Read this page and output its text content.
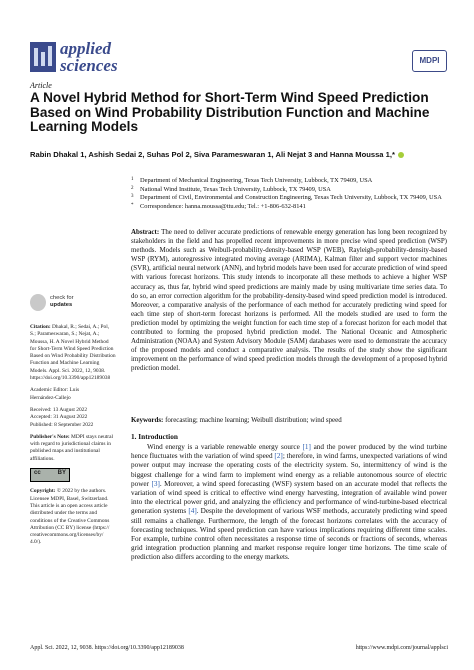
applied sciences	MDPI
Article
A Novel Hybrid Method for Short-Term Wind Speed Prediction Based on Wind Probability Distribution Function and Machine Learning Models
Rabin Dhakal 1, Ashish Sedai 2, Suhas Pol 2, Siva Parameswaran 1, Ali Nejat 3 and Hanna Moussa 1,*
1 Department of Mechanical Engineering, Texas Tech University, Lubbock, TX 79409, USA
2 National Wind Institute, Texas Tech University, Lubbock, TX 79409, USA
3 Department of Civil, Environmental and Construction Engineering, Texas Tech University, Lubbock, TX 79409, USA
* Correspondence: hanna.moussa@ttu.edu; Tel.: +1-806-632-8141
Abstract: The need to deliver accurate predictions of renewable energy generation has long been recognized by stakeholders in the field and has propelled recent improvements in more precise wind speed prediction (WSP) methods. Models such as Weibull-probability-density-based WSP (WEB), Rayleigh-probability-density-based WSP (RYM), autoregressive integrated moving average (ARIMA), Kalman filter and support vector machines (SVR), artificial neural network (ANN), and hybrid models have been used for accurate prediction of wind speed with various forecast horizons. This study intends to incorporate all these methods to achieve a higher WSP accuracy as, thus far, hybrid wind speed predictions are mainly made by using multivariate time series data. To do so, an error correction algorithm for the probability-density-based wind speed prediction model is introduced. Moreover, a comparative analysis of the performance of each method for accurately predicting wind speed for each time step of short-term forecast horizons is performed. All the models studied are used to form the prediction model by optimizing the weight function for each time step of a forecast horizon for each model that contributed to forming the proposed hybrid prediction model. The National Oceanic and Atmospheric Administration (NOAA) and System Advisory Module (SAM) databases were used to demonstrate the accuracy of the proposed models and conduct a comparative analysis. The results of the study show the significant improvement on the performance of wind speed prediction models through the development of a proposed hybrid prediction model.
Keywords: forecasting; machine learning; Weibull distribution; wind speed
1. Introduction
Wind energy is a variable renewable energy source [1] and the power produced by the wind turbine hence fluctuates with the variation of wind speed [2]; therefore, in wind farms, unexpected variations of wind power output may increase the operating costs of the electricity system. So, intermittency of wind is the biggest challenge for a wind farm to implement wind energy as a reliable autonomous source of electric power [3]. Moreover, a wind speed forecasting (WSF) system based on an accurate model that reflects the variation of wind speed is critical to effective wind energy harvesting, integration of available wind power into the electrical power grid, and analyzing the efficiency and performance of wind-turbine-based electrical generation systems [4]. Despite the development of various WSF methods, accurately predicting wind speed still remains a challenge. Furthermore, the length of the forecast horizons correlates with the accuracy of forecasting techniques. Wind speed prediction can have various implications requiring different time scales. For example, turbine control often necessitates a response time of seconds or fractions of seconds, whereas grid integration production planning and market response require longer time horizons. The time scale of prediction also differs according to the energy markets.
check for
updates
Citation: Dhakal, R.; Sedai, A.; Pol, S.; Parameswaran, S.; Nejat, A.; Moussa, H. A Novel Hybrid Method for Short-Term Wind Speed Prediction Based on Wind Probability Distribution Function and Machine Learning Models. Appl. Sci. 2022, 12, 9038. https://doi.org/10.3390/app12189038
Academic Editor: Luis
Hernández-Callejo
Received: 13 August 2022
Accepted: 31 August 2022
Published: 8 September 2022
Publisher's Note: MDPI stays neutral with regard to jurisdictional claims in published maps and institutional affiliations.
cc	BY
Copyright: © 2022 by the authors. Licensee MDPI, Basel, Switzerland. This article is an open access article distributed under the terms and conditions of the Creative Commons Attribution (CC BY) license (https:// creativecommons.org/licenses/by/ 4.0/).
Appl. Sci. 2022, 12, 9038. https://doi.org/10.3390/app12189038	https://www.mdpi.com/journal/applsci
